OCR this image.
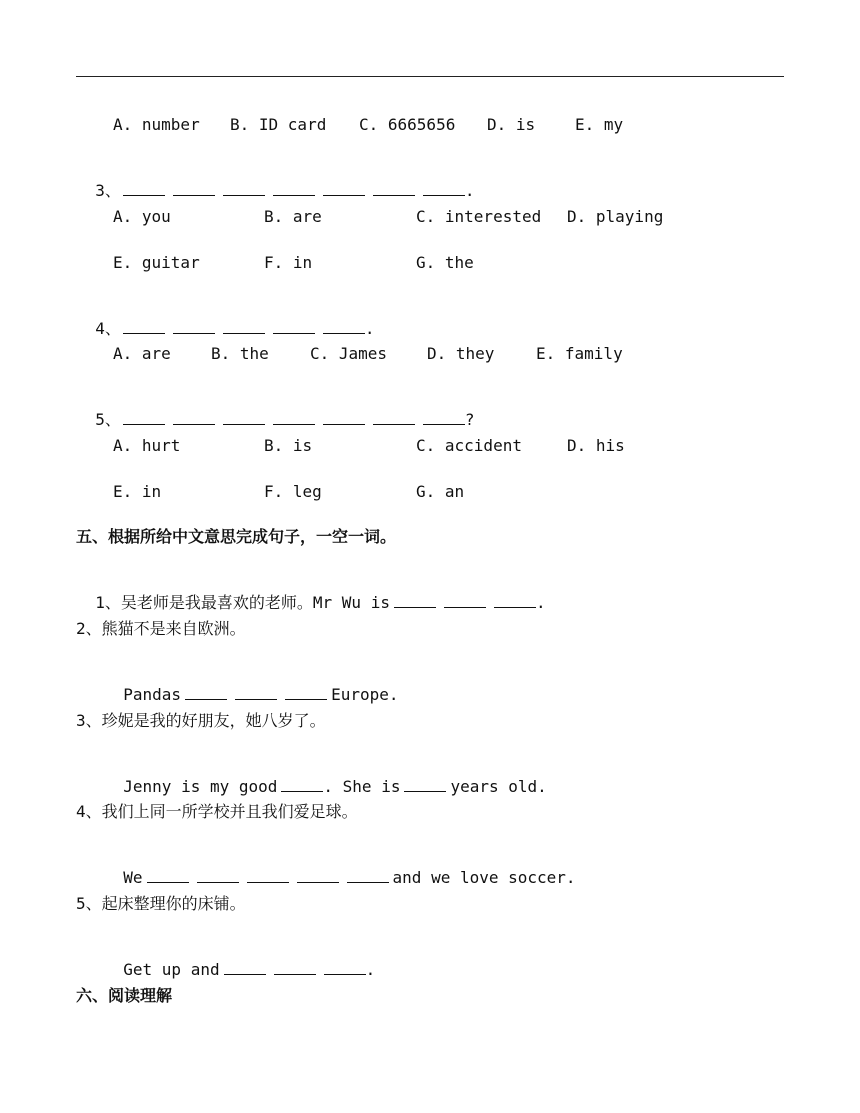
A. number B. ID card C. 6665656 D. is E. my

3、	.

A. you	B. are	C. interested D. playing
E. guitar	F. in	G. the

4、	.

A. are	B. the	C. James D. they	E. family

5、	?

A. hurt	B. is	C. accident	D. his
E. in	F. leg	G. an
五、根据所给中文意思完成句子，一空一词。

1、吴老师是我最喜欢的老师。Mr Wu is	.

2、熊猫不是来自欧洲。

Pandas	Europe.

3、珍妮是我的好朋友，她八岁了。

Jenny is my good	. She is	years old.

4、我们上同一所学校并且我们爱足球。

We	and we love soccer.

5、起床整理你的床铺。

Get up and	.

六、阅读理解
